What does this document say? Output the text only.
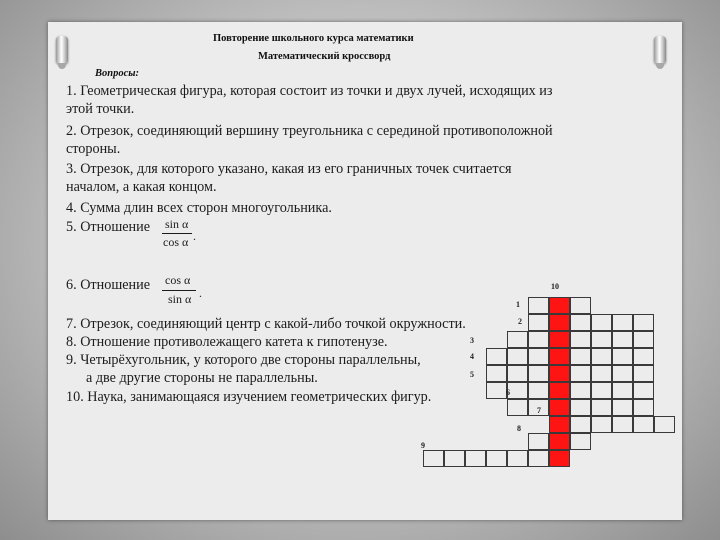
Повторение школьного курса математики
Математический кроссворд
Вопросы:
1. Геометрическая фигура, которая состоит из точки и двух лучей, исходящих из
этой точки.
2. Отрезок, соединяющий вершину треугольника с серединой противоположной
стороны.
3. Отрезок, для которого указано, какая из его граничных точек считается
началом, а какая концом.
4. Сумма длин всех сторон многоугольника.
5. Отношение sin α
cos α .
6. Отношение cos α
sin α .
7. Отрезок, соединяющий центр с какой-либо точкой окружности.
8. Отношение противолежащего катета к гипотенузе.
9. Четырёхугольник, у которого две стороны параллельны,
а две другие стороны не параллельны.
10. Наука, занимающаяся изучением геометрических фигур.
1
2
3
4
5
6
7
8
9
10
